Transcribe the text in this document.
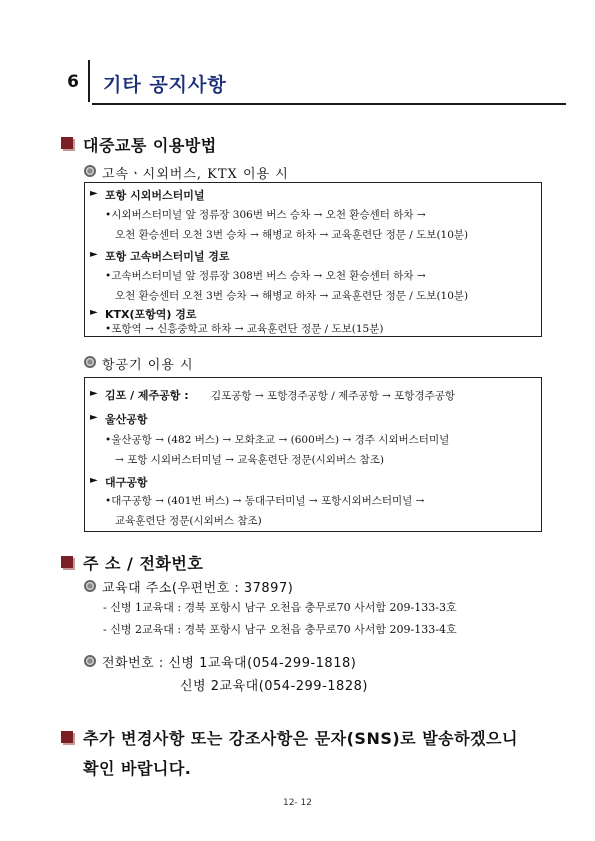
6 기타 공지사항
대중교통 이용방법
고속ㆍ시외버스, KTX 이용 시
► 포항 시외버스터미널
•시외버스터미널 앞 정류장 306번 버스 승차 → 오천 환승센터 하차 →
오천 환승센터 오천 3번 승차 → 해병교 하차 → 교육훈련단 정문 / 도보(10분)
► 포항 고속버스터미널 경로
•고속버스터미널 앞 정류장 308번 버스 승차 → 오천 환승센터 하차 →
오천 환승센터 오천 3번 승차 → 해병교 하차 → 교육훈련단 정문 / 도보(10분)
► KTX(포항역) 경로
•포항역 → 신흥중학교 하차 → 교육훈련단 정문 / 도보(15분)
항공기 이용 시
► 김포 / 제주공항 : 김포공항 → 포항경주공항 / 제주공항 → 포항경주공항
► 울산공항
•울산공항 → (482 버스) → 모화초교 → (600버스) → 경주 시외버스터미널
→ 포항 시외버스터미널 → 교육훈련단 정문(시외버스 참조)
► 대구공항
•대구공항 → (401번 버스) → 동대구터미널 → 포항시외버스터미널 →
교육훈련단 정문(시외버스 참조)
주 소 / 전화번호
교육대 주소(우편번호 : 37897)
- 신병 1교육대 : 경북 포항시 남구 오천읍 충무로70 사서함 209-133-3호
- 신병 2교육대 : 경북 포항시 남구 오천읍 충무로70 사서함 209-133-4호
전화번호 : 신병 1교육대(054-299-1818)
신병 2교육대(054-299-1828)
추가 변경사항 또는 강조사항은 문자(SNS)로 발송하겠으니
확인 바랍니다.
12- 12
